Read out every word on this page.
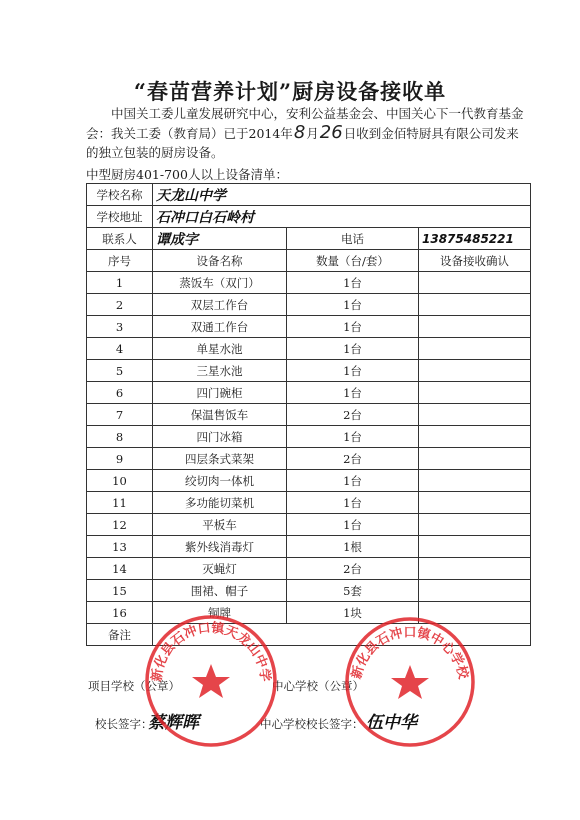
“春苗营养计划”厨房设备接收单

中国关工委儿童发展研究中心，安利公益基金会、中国关心下一代教育基金会：我关工委（教育局）已于2014年8月26日收到金佰特厨具有限公司发来的独立包装的厨房设备。

中型厨房401-700人以上设备清单：
学校名称	天龙山中学		
学校地址	石冲口白石岭村		
联系人	谭成字	电话	13875485221
序号	设备名称	数量（台/套）	设备接收确认
1	蒸饭车（双门）	1台	
2	双层工作台	1台	
3	双通工作台	1台	
4	单星水池	1台	
5	三星水池	1台	
6	四门碗柜	1台	
7	保温售饭车	2台	
8	四门冰箱	1台	
9	四层条式菜架	2台	
10	绞切肉一体机	1台	
11	多功能切菜机	1台	
12	平板车	1台	
13	紫外线消毒灯	1根	
14	灭蝇灯	2台	
15	围裙、帽子	5套	
16	铜牌	1块	
备注			
项目学校（公章）	中心学校（公章）
校长签字：	中心学校校长签字：
蔡辉晖	伍中华
新化县石冲口镇天龙山中学	新化县石冲口镇中心学校
